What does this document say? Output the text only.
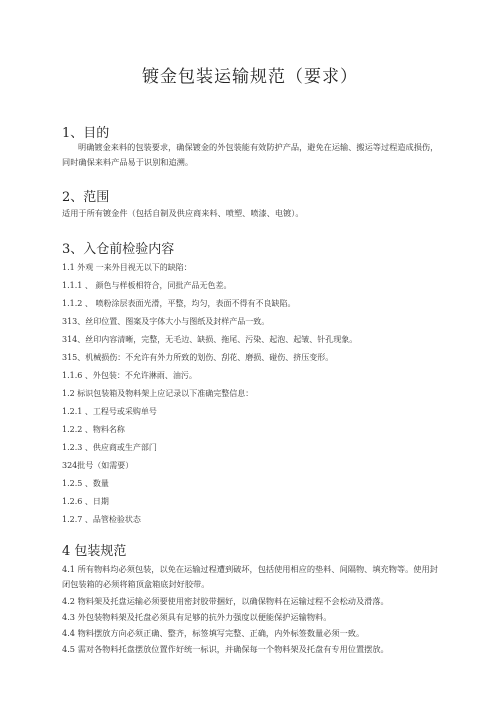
镀金包装运输规范（要求）
1、目的
明确镀金来料的包装要求，确保镀金的外包装能有效防护产品，避免在运输、搬运等过程造成损伤，同时确保来料产品易于识别和追溯。
2、范围
适用于所有镀金件（包括自制及供应商来料、喷塑、喷漆、电镀）。
3、入仓前检验内容
1.1 外观 一来外目视无以下的缺陷：
1.1.1 、 颜色与样板相符合，同批产品无色差。
1.1.2 、 喷粉涂层表面光滑，平整，均匀，表面不得有不良缺陷。
313、丝印位置、图案及字体大小与图纸及封样产品一致。
314、丝印内容清晰，完整，无毛边、缺损、拖尾、污染、起泡、起皱、针孔现象。
315、机械损伤：不允许有外力所致的划伤、刮花、磨损、碰伤、挤压变形。
1.1.6 、外包装：不允许淋雨、油污。
1.2 标识包装箱及物料架上应记录以下准确完整信息：
1.2.1 、工程号或采购单号
1.2.2 、物料名称
1.2.3 、供应商或生产部门
324批号（如需要）
1.2.5 、数量
1.2.6 、日期
1.2.7 、品管检验状态
4 包装规范
4.1 所有物料均必须包装，以免在运输过程遭到破坏，包括使用相应的垫料、间隔物、填充物等。使用封闭包装箱的必须将箱顶盒箱底封好胶带。
4.2 物料架及托盘运输必须要使用密封胶带捆好，以确保物料在运输过程不会松动及滑落。
4.3 外包装物料架及托盘必须具有足够的抗外力强度以便能保护运输物料。
4.4 物料摆放方向必须正确、整齐，标签填写完整、正确，内外标签数量必须一致。
4.5 需对各物料托盘摆放位置作好统一标识，并确保每一个物料架及托盘有专用位置摆放。
